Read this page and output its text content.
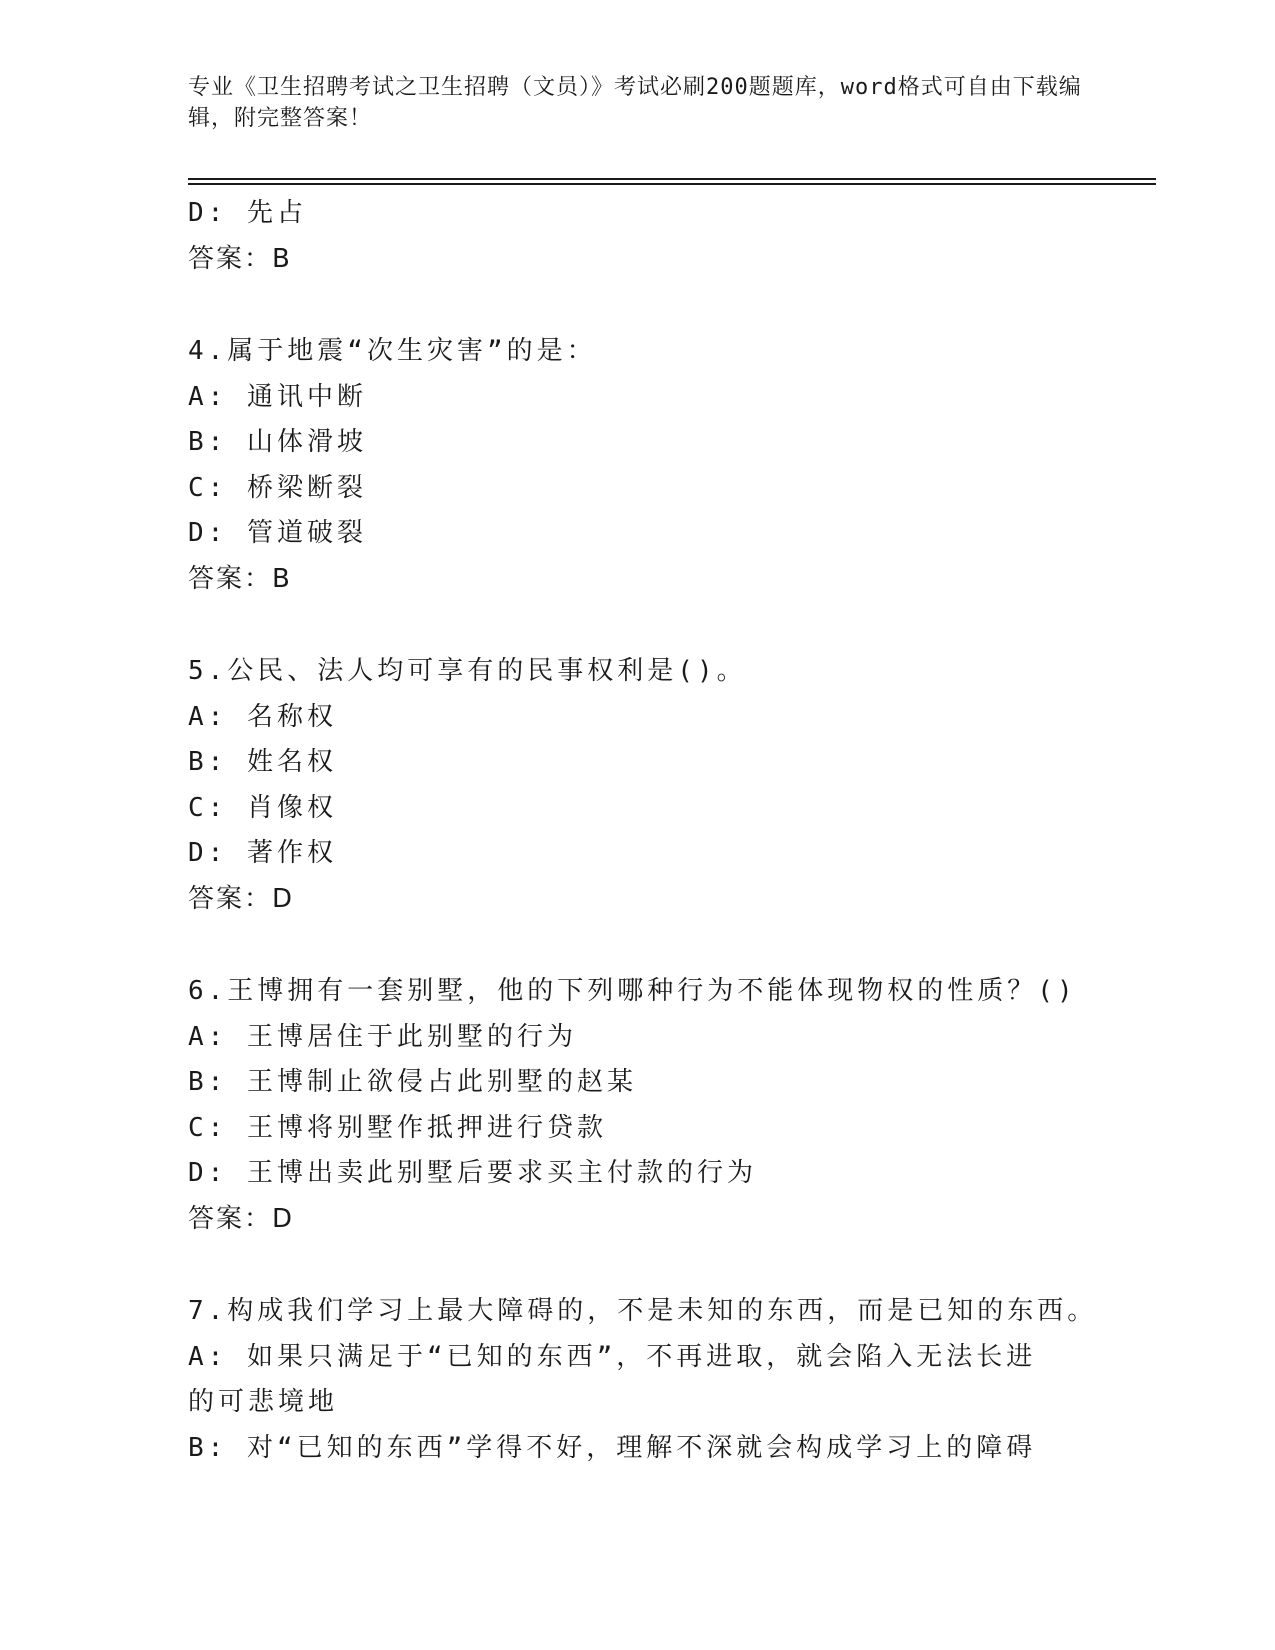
专业《卫生招聘考试之卫生招聘（文员）》考试必刷200题题库，word格式可自由下载编辑，附完整答案！
D: 先占
答案：B
4.属于地震“次生灾害”的是：
A: 通讯中断
B: 山体滑坡
C: 桥梁断裂
D: 管道破裂
答案：B
5.公民、法人均可享有的民事权利是()。
A: 名称权
B: 姓名权
C: 肖像权
D: 著作权
答案：D
6.王博拥有一套别墅，他的下列哪种行为不能体现物权的性质？()
A: 王博居住于此别墅的行为
B: 王博制止欲侵占此别墅的赵某
C: 王博将别墅作抵押进行贷款
D: 王博出卖此别墅后要求买主付款的行为
答案：D
7.构成我们学习上最大障碍的，不是未知的东西，而是已知的东西。
A: 如果只满足于“已知的东西”，不再进取，就会陷入无法长进的可悲境地
B: 对“已知的东西”学得不好，理解不深就会构成学习上的障碍
